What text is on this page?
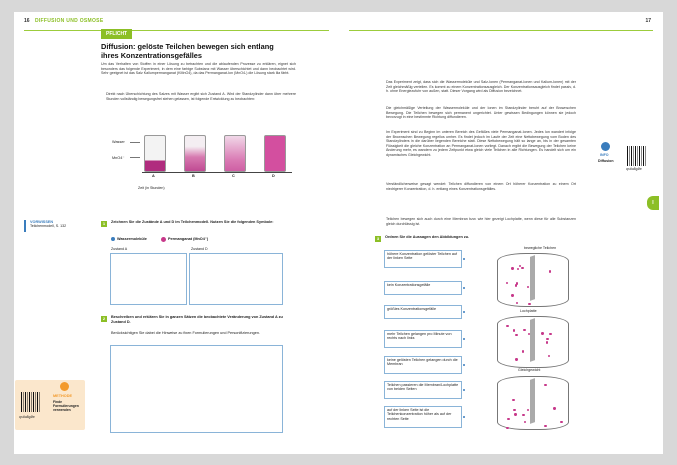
16 DIFFUSION UND OSMOSE	17
PFLICHT
Diffusion: gelöste Teilchen bewegen sich entlang ihres Konzentrationsgefälles
Um das Verhalten von Stoffen in einer Lösung zu betrachten und die ablaufenden Prozesse zu erklären, eignet sich besonders das folgende Experiment, in dem eine farbige Substanz mit Wasser überschichtet und dann beobachtet wird. Sehr geeignet ist das Salz Kaliumpermanganat (KMnO4), da das Permanganat-Ion (MnO4-) die Lösung stark lila färbt.
Direkt nach Überschichtung des Salzes mit Wasser ergibt sich Zustand A. Wird der Standzylinder dann über mehrere Stunden vollständig bewegungsfrei stehen gelassen, ist folgende Entwicklung zu beobachten:
Wasser
MnO4⁻
A	B	C	D
Zeit (in Stunden)
VORWISSEN
Teilchenmodell, S. 132	1	Zeichnen Sie die Zustände A und D im Teilchenmodell. Nutzen Sie die folgenden Symbole:
Wassermoleküle	Permanganat (MnO4⁻)
Zustand A	Zustand D
2	Beschreiben und erklären Sie in ganzen Sätzen die beobachtete Veränderung von Zustand A zu Zustand D.
Berücksichtigen Sie dabei die Hinweise zu fixen Formulierungen und Personifizierungen.
METHODE
Finde Formulierungen verwenden
qr.dia8g4fe
Das Experiment zeigt, dass sich die Wassermoleküle und Salz-Ionen (Permanganat-Ionen und Kalium-Ionen) mit der Zeit gleichmäßig verteilen. Es kommt zu einem Konzentrationsausgleich. Der Konzentrationsausgleich findet passiv, d. h. ohne Energiezufuhr von außen, statt. Dieser Vorgang wird als Diffusion bezeichnet.
Die gleichmäßige Verteilung der Wassermoleküle und der Ionen im Standzylinder beruht auf der Brownschen Bewegung. Die Teilchen bewegen sich permanent ungerichtet. Unter gewissen Bedingungen können sie jedoch bevorzugt in eine bestimmte Richtung diffundieren.
Im Experiment sind zu Beginn im unteren Bereich des Gefäßes viele Permanganat-Ionen. Jedes Ion wandert infolge der Brownschen Bewegung regellos umher. Es findet jedoch im Laufe der Zeit eine Nettobewegung vom Boden des Standzylinders in die darüber liegenden Bereiche statt. Diese Nettobewegung hält so lange an, bis in der gesamten Flüssigkeit die gleiche Konzentration an Permanganat-Ionen vorliegt. Danach ergibt die Bewegung der Teilchen keine Änderung mehr, es wandern zu jedem Zeitpunkt etwa gleich viele Teilchen in alle Richtungen. Es handelt sich um ein dynamisches Gleichgewicht.
Verständlicherweise gesagt wendet: Teilchen diffundieren von einem Ort höherer Konzentration zu einem Ort niedrigerer Konzentration, d. h. entlang eines Konzentrationsgefälles.
Teilchen bewegen sich auch durch eine Membran bzw. wie hier gezeigt Lochplatte, wenn diese für alle Substanzen gleich durchlässig ist.
INFO
Diffusion
qr.dia8g4fe
I
3	Ordnen Sie die Aussagen den Abbildungen zu.
höhere Konzentration gelöster Teilchen auf der linken Seite
kein Konzentrationsgefälle
größtes Konzentrationsgefälle
mehr Teilchen gelangen pro Minute von rechts nach links
keine gelösten Teilchen gelangen durch die Membran
Teilchen passieren die Membran/Lochplatte von beiden Seiten
auf der linken Seite ist die Teilchenkonzentration höher als auf der rechten Seite
bewegliche Teilchen
Lochplatte
Gleichgewicht
